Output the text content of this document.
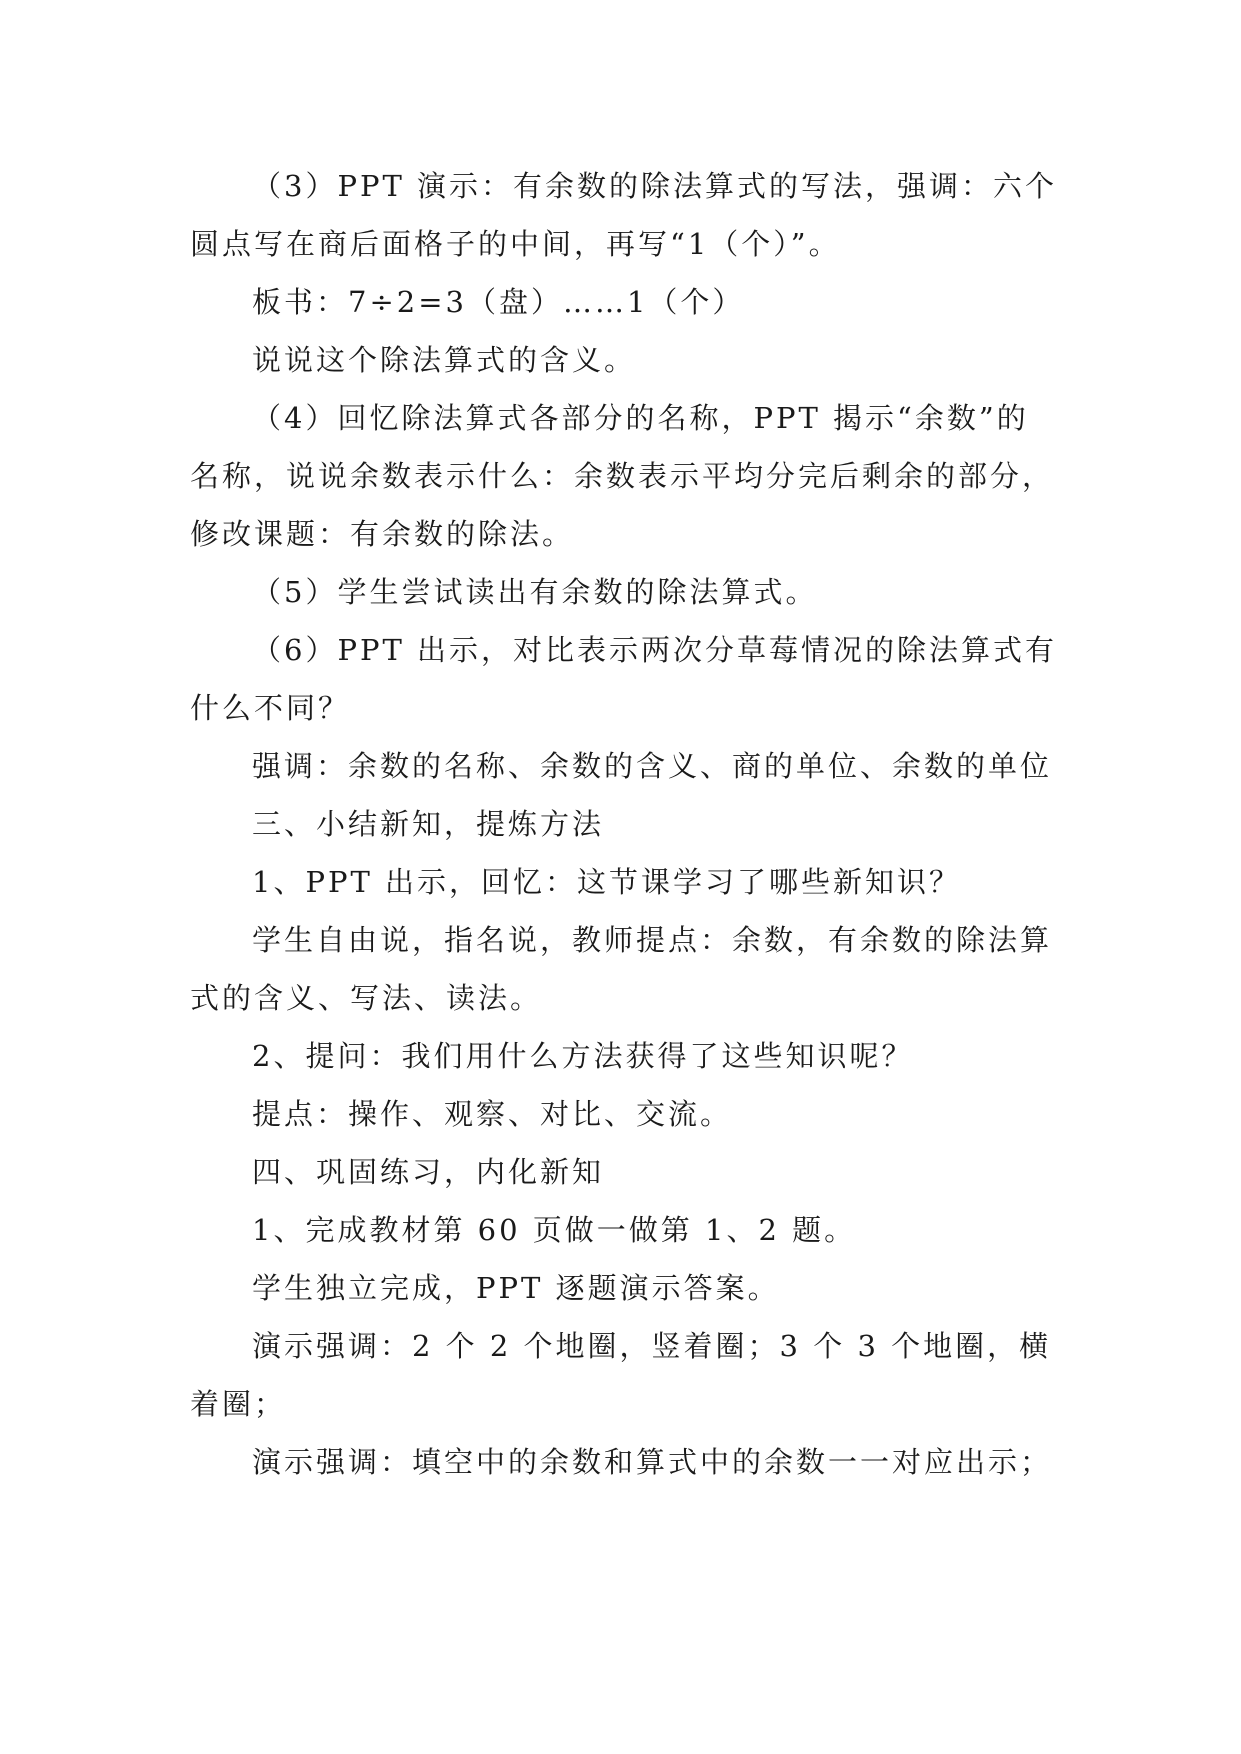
（3）PPT 演示：有余数的除法算式的写法，强调：六个圆点写在商后面格子的中间，再写“1（个）”。
板书：7÷2=3（盘）……1（个）
说说这个除法算式的含义。
（4）回忆除法算式各部分的名称，PPT 揭示“余数”的名称，说说余数表示什么：余数表示平均分完后剩余的部分，修改课题：有余数的除法。
（5）学生尝试读出有余数的除法算式。
（6）PPT 出示，对比表示两次分草莓情况的除法算式有什么不同？
强调：余数的名称、余数的含义、商的单位、余数的单位
三、小结新知，提炼方法
1、PPT 出示，回忆：这节课学习了哪些新知识？
学生自由说，指名说，教师提点：余数，有余数的除法算式的含义、写法、读法。
2、提问：我们用什么方法获得了这些知识呢？
提点：操作、观察、对比、交流。
四、巩固练习，内化新知
1、完成教材第 60 页做一做第 1、2 题。
学生独立完成，PPT 逐题演示答案。
演示强调：2 个 2 个地圈，竖着圈；3 个 3 个地圈，横着圈；
演示强调：填空中的余数和算式中的余数一一对应出示；
